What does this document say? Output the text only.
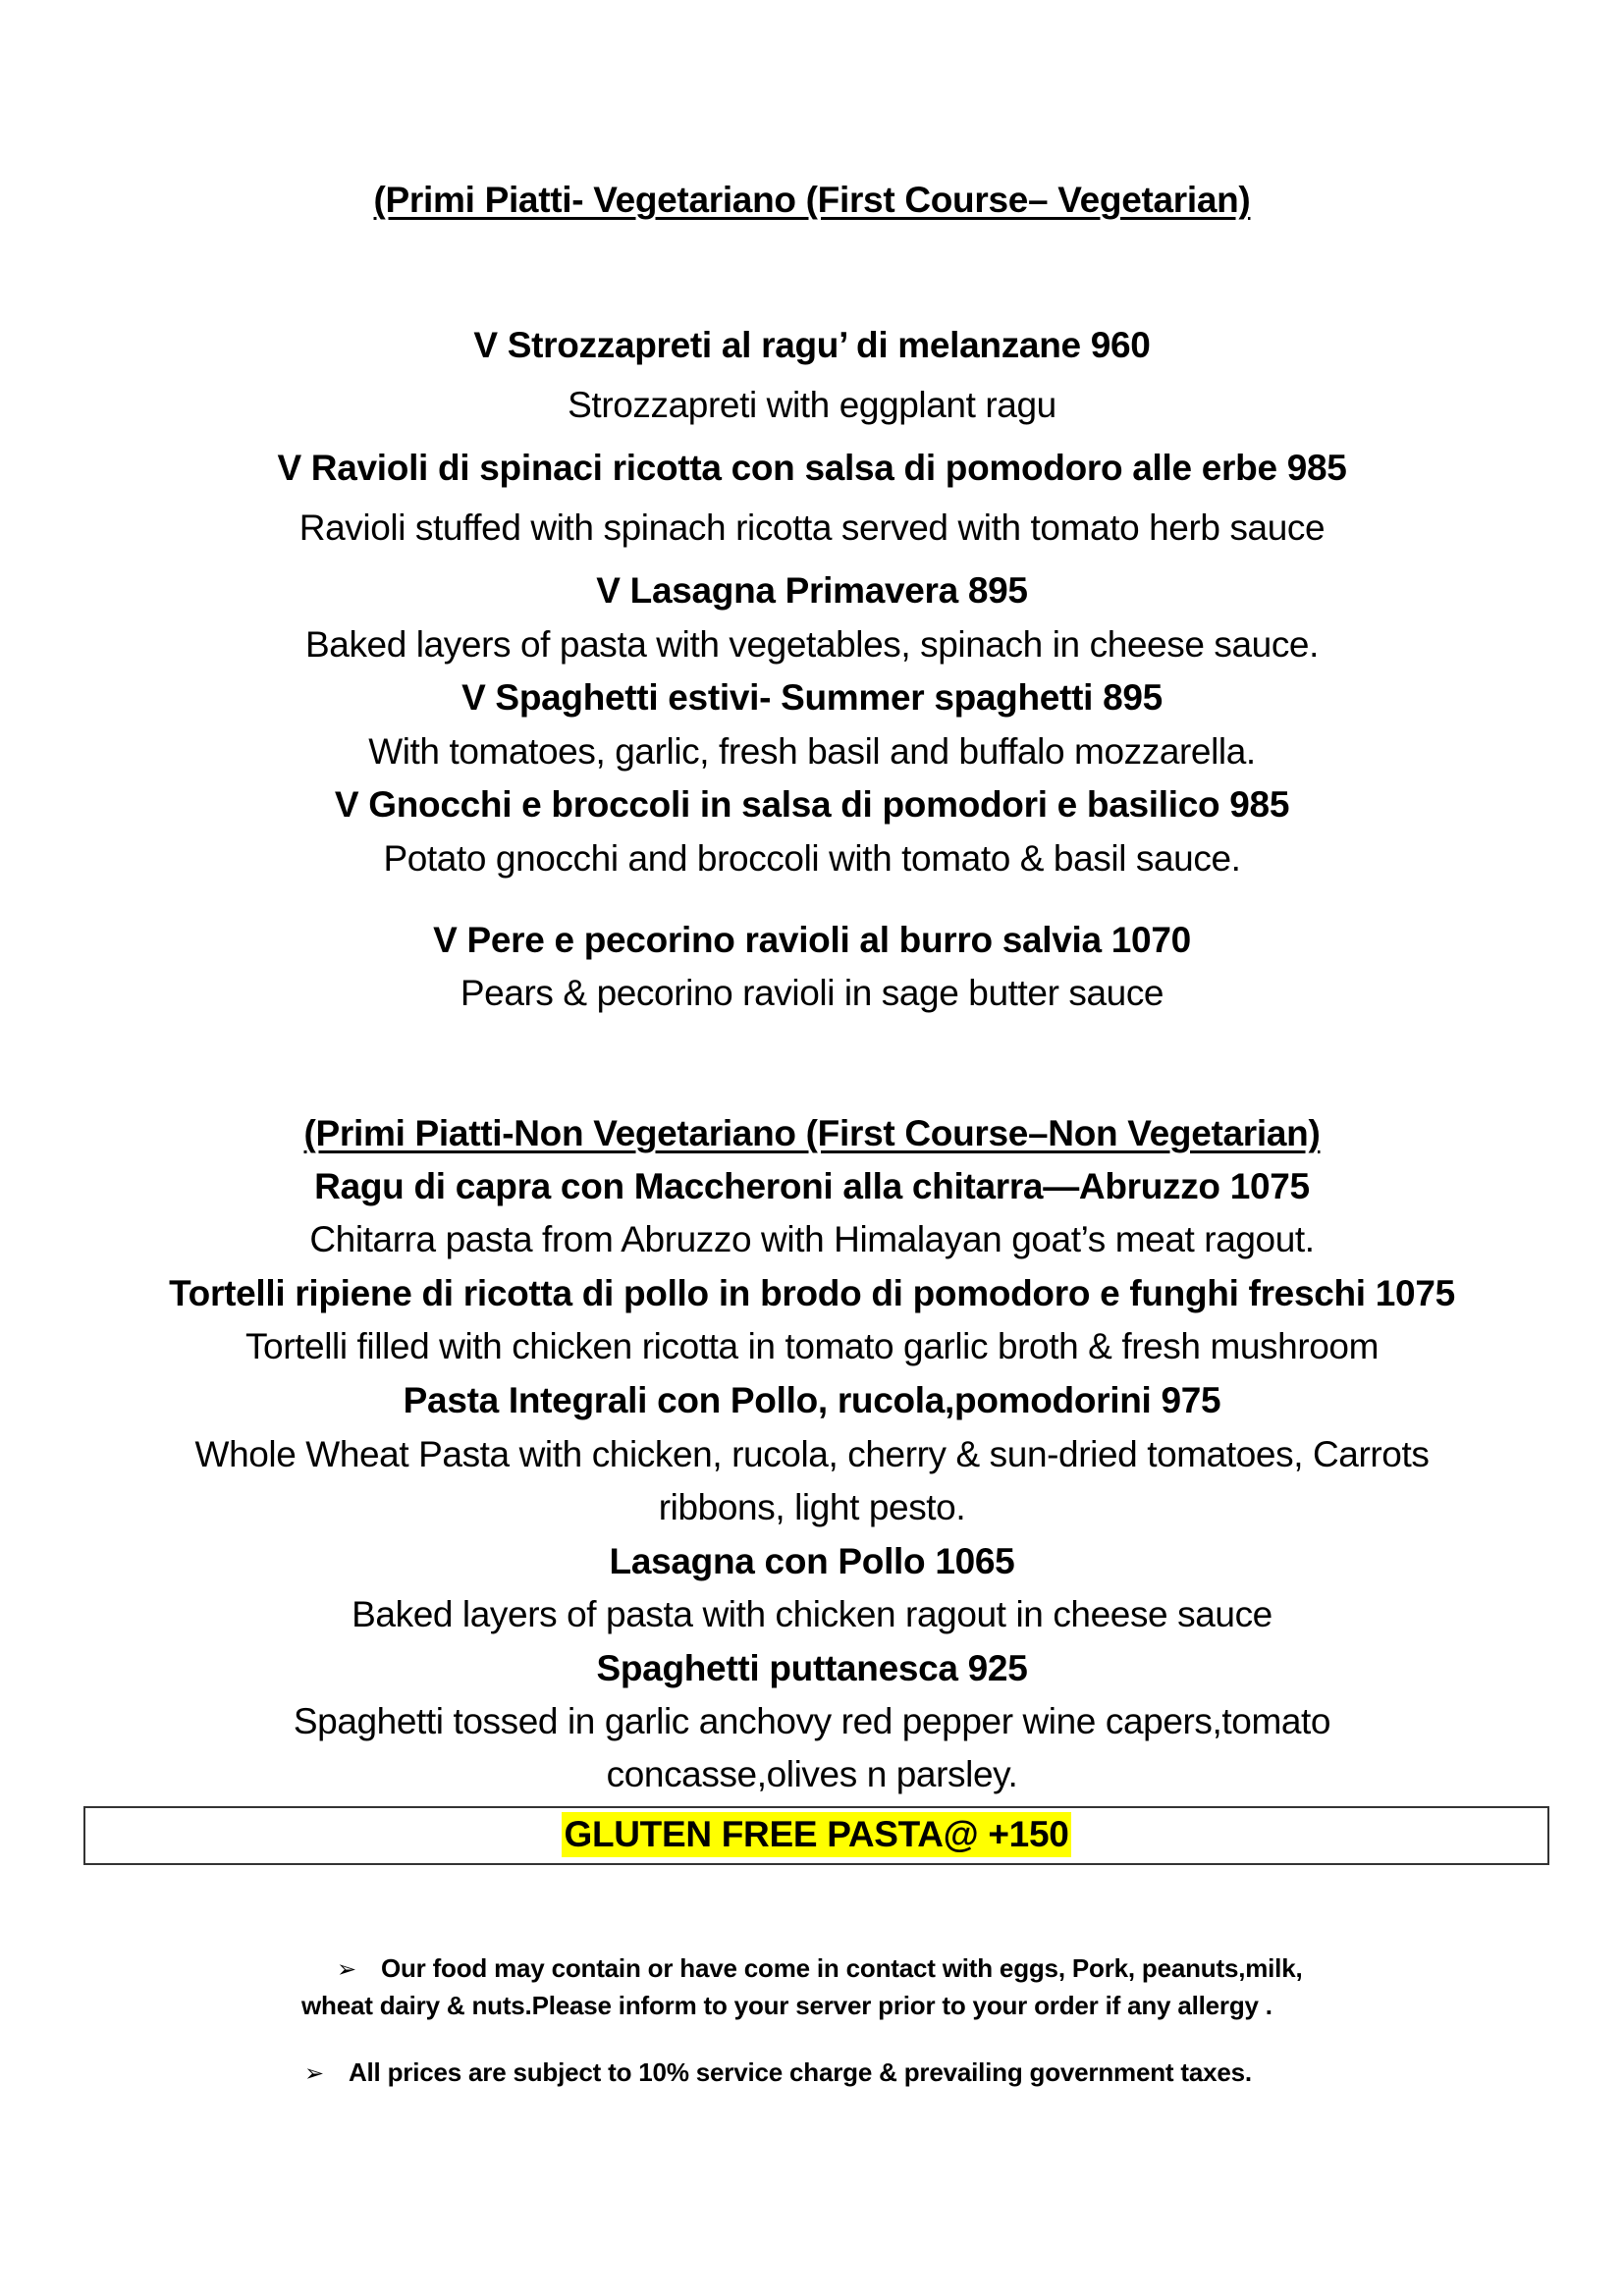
(Primi Piatti- Vegetariano (First Course– Vegetarian)
V Strozzapreti al ragu’ di melanzane 960
Strozzapreti with eggplant ragu
V Ravioli di spinaci ricotta con salsa di pomodoro alle erbe 985
Ravioli stuffed with spinach ricotta served with tomato herb sauce
V Lasagna Primavera 895
Baked layers of pasta with vegetables, spinach in cheese sauce.
V Spaghetti estivi- Summer spaghetti 895
With tomatoes, garlic, fresh basil and buffalo mozzarella.
V Gnocchi e broccoli in salsa di pomodori e basilico 985
Potato gnocchi and broccoli with tomato & basil sauce.
V Pere e pecorino ravioli al burro salvia 1070
Pears & pecorino ravioli in sage butter sauce
(Primi Piatti-Non Vegetariano (First Course–Non Vegetarian)
Ragu di capra con Maccheroni alla chitarra—Abruzzo 1075
Chitarra pasta from Abruzzo with Himalayan goat’s meat ragout.
Tortelli ripiene di ricotta di pollo in brodo di pomodoro e funghi freschi 1075
Tortelli filled with chicken ricotta in tomato garlic broth & fresh mushroom
Pasta Integrali con Pollo, rucola,pomodorini 975
Whole Wheat Pasta with chicken, rucola, cherry & sun-dried tomatoes, Carrots
ribbons, light pesto.
Lasagna con Pollo 1065
Baked layers of pasta with chicken ragout in cheese sauce
Spaghetti puttanesca 925
Spaghetti tossed in garlic anchovy red pepper wine capers,tomato
concasse,olives n parsley.
GLUTEN FREE PASTA@ +150
➢ Our food may contain or have come in contact with eggs, Pork, peanuts,milk,
wheat dairy & nuts.Please inform to your server prior to your order if any allergy .
➢ All prices are subject to 10% service charge & prevailing government taxes.
